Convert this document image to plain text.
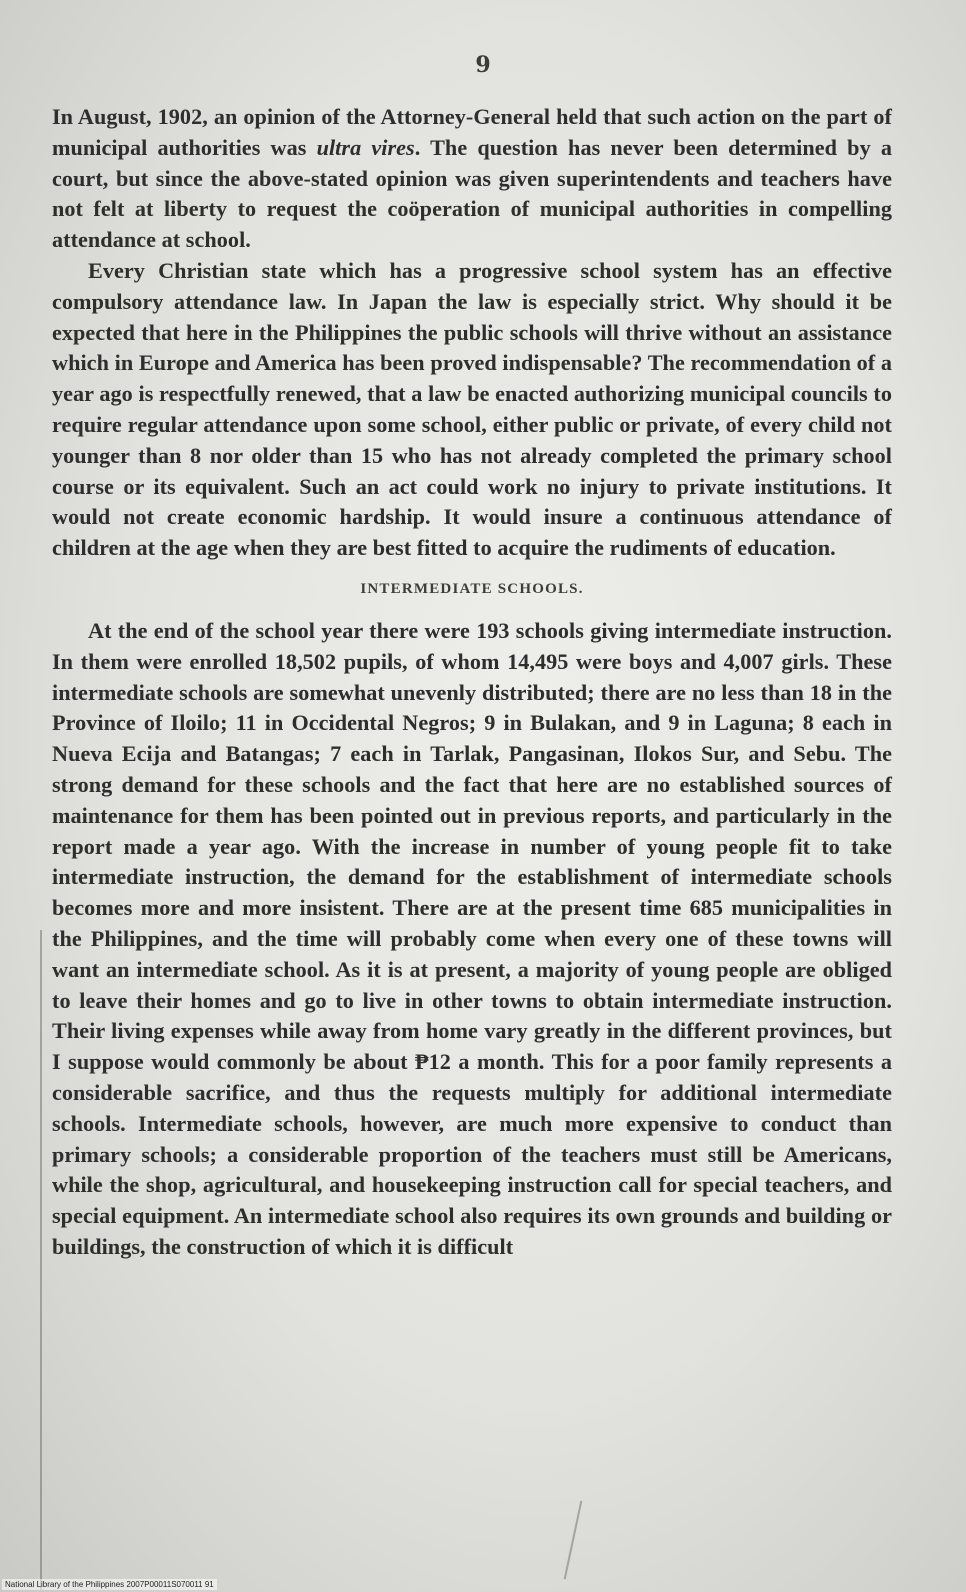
9

In August, 1902, an opinion of the Attorney-General held that such action on the part of municipal authorities was ultra vires. The question has never been determined by a court, but since the above-stated opinion was given superintendents and teachers have not felt at liberty to request the coöperation of municipal authorities in compelling attendance at school.

Every Christian state which has a progressive school system has an effective compulsory attendance law. In Japan the law is especially strict. Why should it be expected that here in the Philippines the public schools will thrive without an assistance which in Europe and America has been proved indispensable? The recommendation of a year ago is respectfully renewed, that a law be enacted authorizing municipal councils to require regular attendance upon some school, either public or private, of every child not younger than 8 nor older than 15 who has not already completed the primary school course or its equivalent. Such an act could work no injury to private institutions. It would not create economic hardship. It would insure a continuous attendance of children at the age when they are best fitted to acquire the rudiments of education.

INTERMEDIATE SCHOOLS.

At the end of the school year there were 193 schools giving intermediate instruction. In them were enrolled 18,502 pupils, of whom 14,495 were boys and 4,007 girls. These intermediate schools are somewhat unevenly distributed; there are no less than 18 in the Province of Iloilo; 11 in Occidental Negros; 9 in Bulakan, and 9 in Laguna; 8 each in Nueva Ecija and Batangas; 7 each in Tarlak, Pangasinan, Ilokos Sur, and Sebu. The strong demand for these schools and the fact that here are no established sources of maintenance for them has been pointed out in previous reports, and particularly in the report made a year ago. With the increase in number of young people fit to take intermediate instruction, the demand for the establishment of intermediate schools becomes more and more insistent. There are at the present time 685 municipalities in the Philippines, and the time will probably come when every one of these towns will want an intermediate school. As it is at present, a majority of young people are obliged to leave their homes and go to live in other towns to obtain intermediate instruction. Their living expenses while away from home vary greatly in the different provinces, but I suppose would commonly be about ₱12 a month. This for a poor family represents a considerable sacrifice, and thus the requests multiply for additional intermediate schools. Intermediate schools, however, are much more expensive to conduct than primary schools; a considerable proportion of the teachers must still be Americans, while the shop, agricultural, and housekeeping instruction call for special teachers, and special equipment. An intermediate school also requires its own grounds and building or buildings, the construction of which it is difficult

National Library of the Philippines 2007P00011S070011 91
